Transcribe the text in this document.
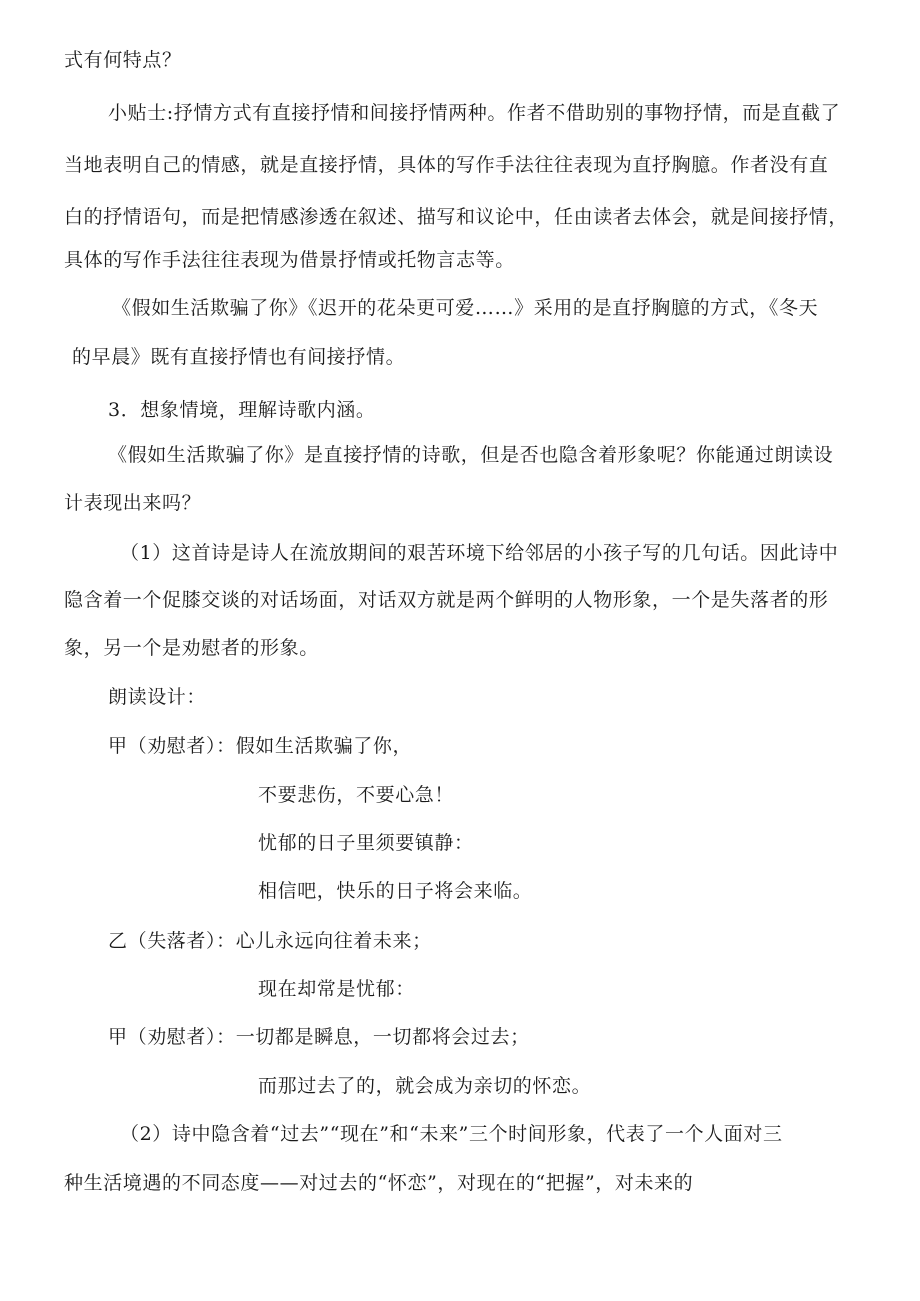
式有何特点？
小贴士:抒情方式有直接抒情和间接抒情两种。作者不借助别的事物抒情，而是直截了
当地表明自己的情感，就是直接抒情，具体的写作手法往往表现为直抒胸臆。作者没有直
白的抒情语句，而是把情感渗透在叙述、描写和议论中，任由读者去体会，就是间接抒情，
具体的写作手法往往表现为借景抒情或托物言志等。
《假如生活欺骗了你》《迟开的花朵更可爱……》采用的是直抒胸臆的方式，《冬天
的早晨》既有直接抒情也有间接抒情。
3．想象情境，理解诗歌内涵。
《假如生活欺骗了你》是直接抒情的诗歌，但是否也隐含着形象呢？你能通过朗读设
计表现出来吗？
（1）这首诗是诗人在流放期间的艰苦环境下给邻居的小孩子写的几句话。因此诗中
隐含着一个促膝交谈的对话场面，对话双方就是两个鲜明的人物形象，一个是失落者的形
象，另一个是劝慰者的形象。
朗读设计：
甲（劝慰者）：假如生活欺骗了你，
不要悲伤，不要心急！
忧郁的日子里须要镇静：
相信吧，快乐的日子将会来临。
乙（失落者）：心儿永远向往着未来；
现在却常是忧郁：
甲（劝慰者）：一切都是瞬息，一切都将会过去；
而那过去了的，就会成为亲切的怀恋。
（2）诗中隐含着“过去”“现在”和“未来”三个时间形象，代表了一个人面对三
种生活境遇的不同态度——对过去的“怀恋”，对现在的“把握”，对未来的
